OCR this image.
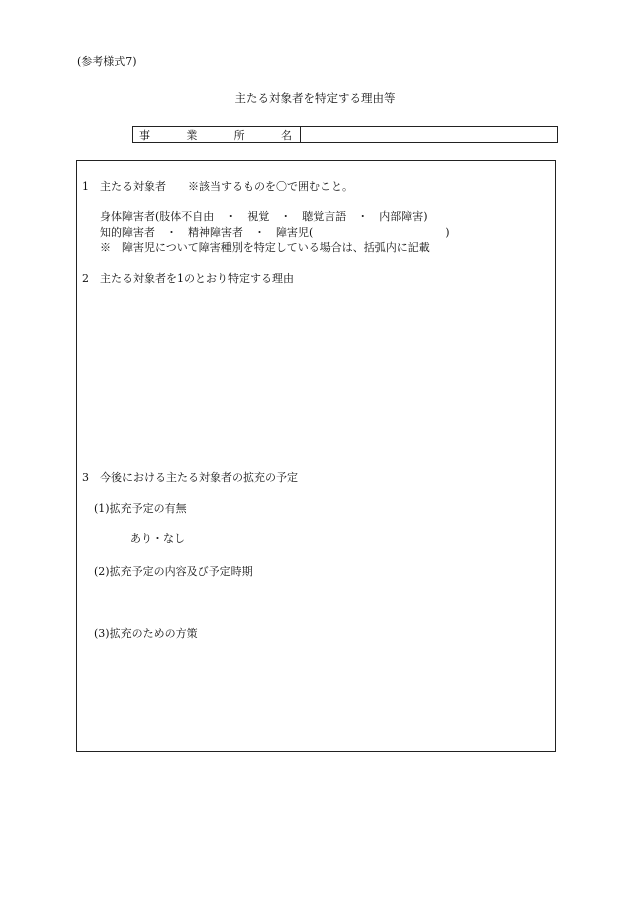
(参考様式7)
主たる対象者を特定する理由等
事	業	所	名
1　主たる対象者　　※該当するものを〇で囲むこと。
身体障害者(肢体不自由　・　視覚　・　聴覚言語　・　内部障害)
知的障害者　・　精神障害者　・　障害児(　　　　　　　　　　　　)
※　障害児について障害種別を特定している場合は、括弧内に記載
2　主たる対象者を1のとおり特定する理由
3　今後における主たる対象者の拡充の予定
(1)拡充予定の有無
あり・なし
(2)拡充予定の内容及び予定時期
(3)拡充のための方策
